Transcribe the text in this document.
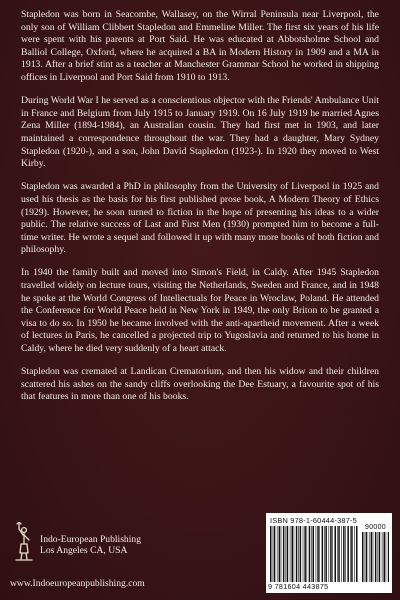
Stapledon was born in Seacombe, Wallasey, on the Wirral Peninsula near Liverpool, the only son of William Clibbert Stapledon and Emmeline Miller. The first six years of his life were spent with his parents at Port Said. He was educated at Abbotsholme School and Balliol College, Oxford, where he acquired a BA in Modern History in 1909 and a MA in 1913. After a brief stint as a teacher at Manchester Grammar School he worked in shipping offices in Liverpool and Port Said from 1910 to 1913.

During World War I he served as a conscientious objector with the Friends' Ambulance Unit in France and Belgium from July 1915 to January 1919. On 16 July 1919 he married Agnes Zena Miller (1894-1984), an Australian cousin. They had first met in 1903, and later maintained a correspondence throughout the war. They had a daughter, Mary Sydney Stapledon (1920-), and a son, John David Stapledon (1923-). In 1920 they moved to West Kirby.

Stapledon was awarded a PhD in philosophy from the University of Liverpool in 1925 and used his thesis as the basis for his first published prose book, A Modern Theory of Ethics (1929). However, he soon turned to fiction in the hope of presenting his ideas to a wider public. The relative success of Last and First Men (1930) prompted him to become a full-time writer. He wrote a sequel and followed it up with many more books of both fiction and philosophy.

In 1940 the family built and moved into Simon's Field, in Caldy. After 1945 Stapledon travelled widely on lecture tours, visiting the Netherlands, Sweden and France, and in 1948 he spoke at the World Congress of Intellectuals for Peace in Wroclaw, Poland. He attended the Conference for World Peace held in New York in 1949, the only Briton to be granted a visa to do so. In 1950 he became involved with the anti-apartheid movement. After a week of lectures in Paris, he cancelled a projected trip to Yugoslavia and returned to his home in Caldy, where he died very suddenly of a heart attack.

Stapledon was cremated at Landican Crematorium, and then his widow and their children scattered his ashes on the sandy cliffs overlooking the Dee Estuary, a favourite spot of his that features in more than one of his books.

Indo-European Publishing
Los Angeles CA, USA
www.Indoeuropeanpublishing.com
ISBN 978-1-60444-387-5
90000
9 781604 443875
